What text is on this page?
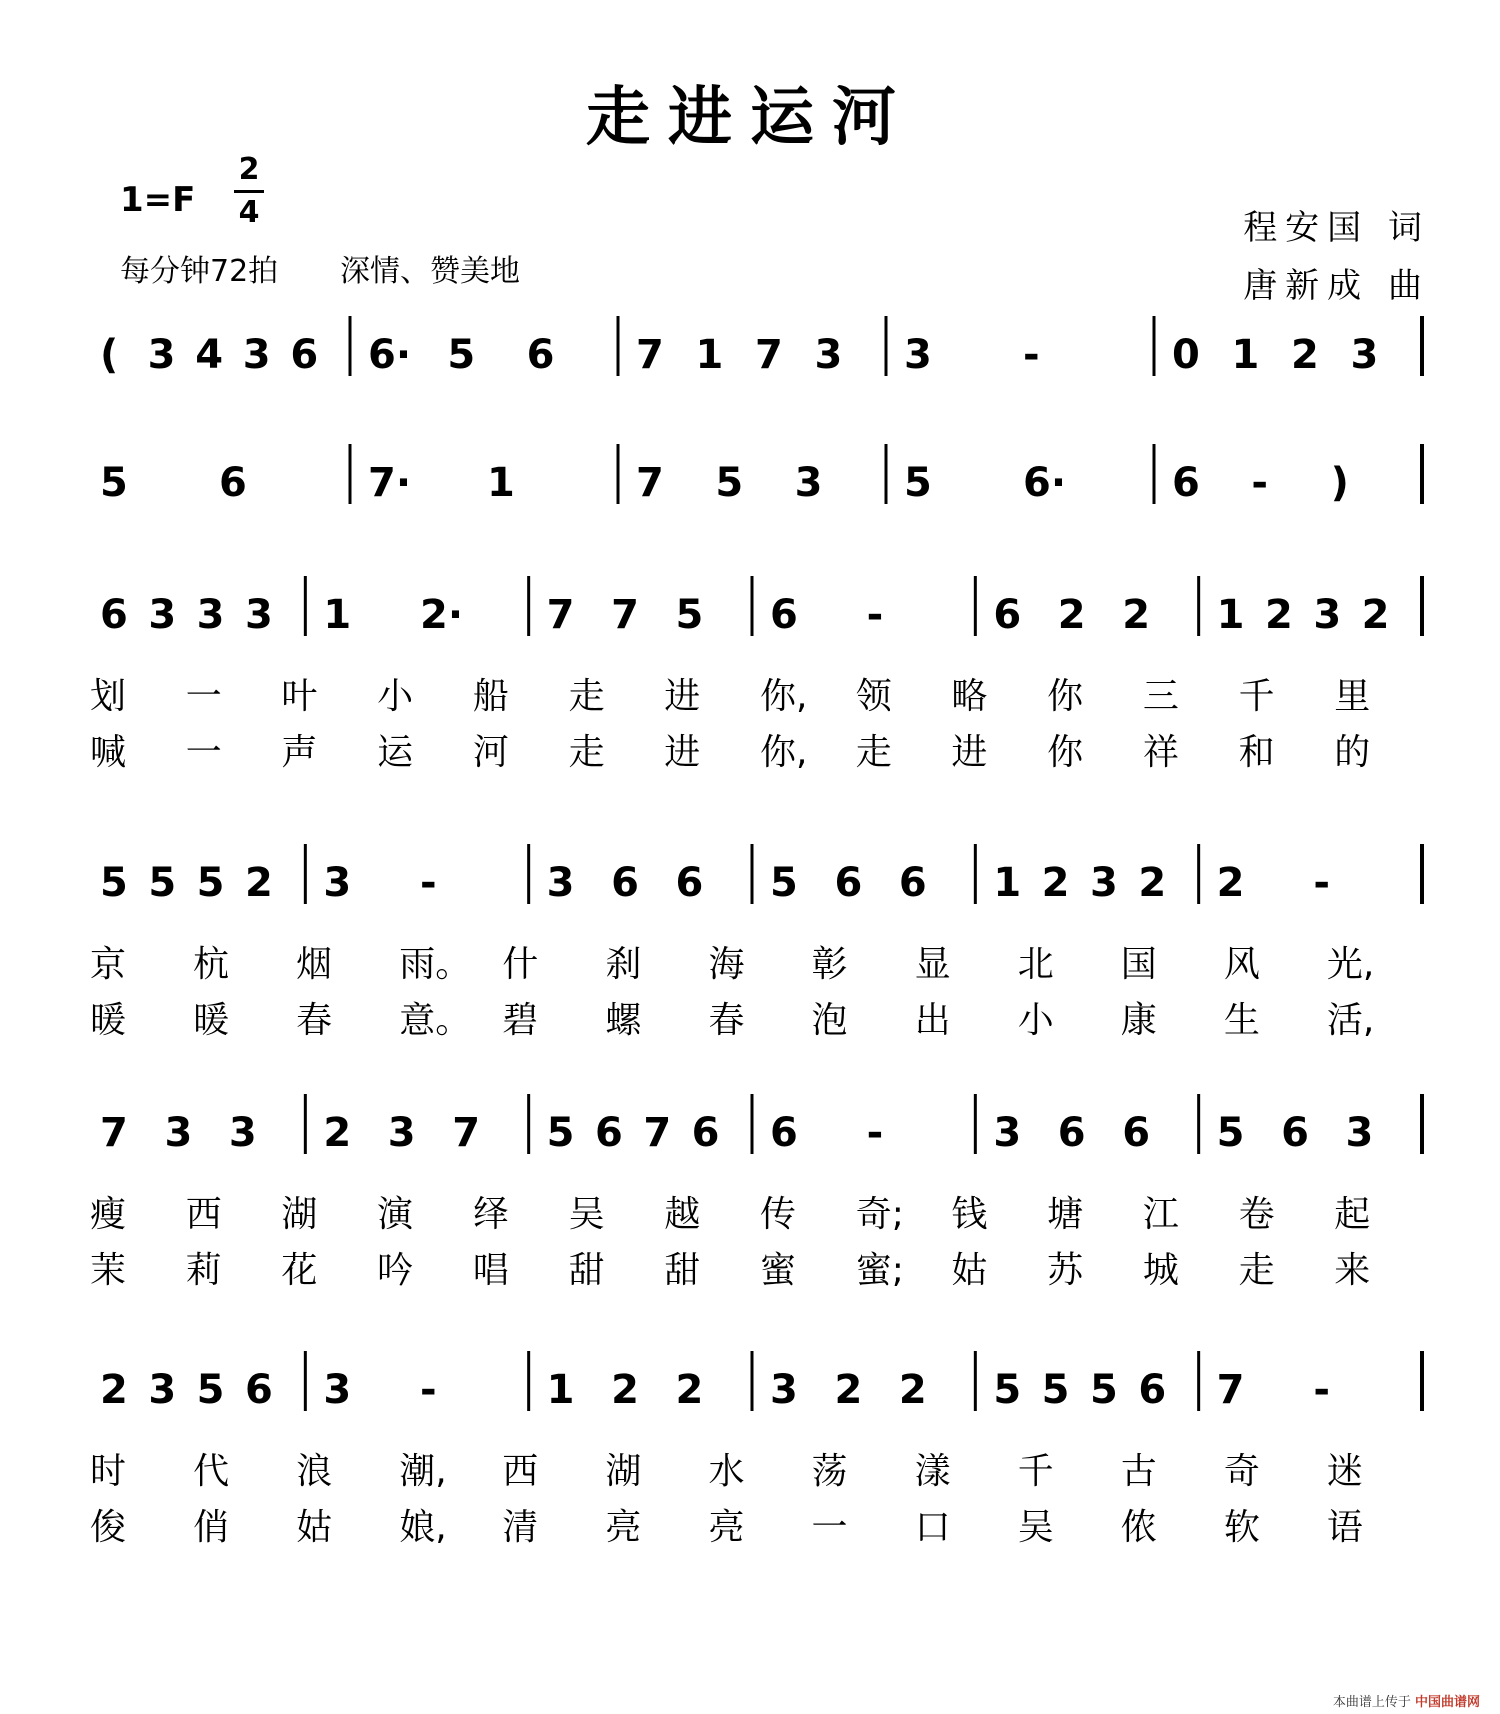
走进运河
1=F
2
4
每分钟72拍 深情、赞美地
程安国 词
唐新成 曲
( 3 4 3 6 6· 5 6 7 1 7 3 3 -	0 1 2 3
5 6	7· 1	7 5 3 5 6·	6 - )
6 3 3 3 1 2· 7 7 5 6 -	6 2 2 1 2 3 2
划 一 叶 小 船 走 进 你, 领 略 你 三 千 里
喊 一 声 运 河 走 进 你, 走 进 你 祥 和 的
5 5 5 2 3 -	3 6 6 5 6 6 1 2 3 2 2 -
京 杭 烟 雨。 什 刹 海 彰 显 北 国 风 光,
暖 暖 春 意。 碧 螺 春 泡 出 小 康 生 活,
7 3 3 2 3 7 5 6 7 6 6 -	3 6 6 5 6 3
瘦 西 湖 演 绎 吴 越 传 奇; 钱 塘 江 卷 起
茉 莉 花 吟 唱 甜 甜 蜜 蜜; 姑 苏 城 走 来
2 3 5 6 3 -	1 2 2 3 2 2 5 5 5 6 7 -
时 代 浪 潮, 西 湖 水 荡 漾 千 古 奇 迷
俊 俏 姑 娘, 清 亮 亮 一 口 吴 侬 软 语
本曲谱上传于 中国曲谱网
